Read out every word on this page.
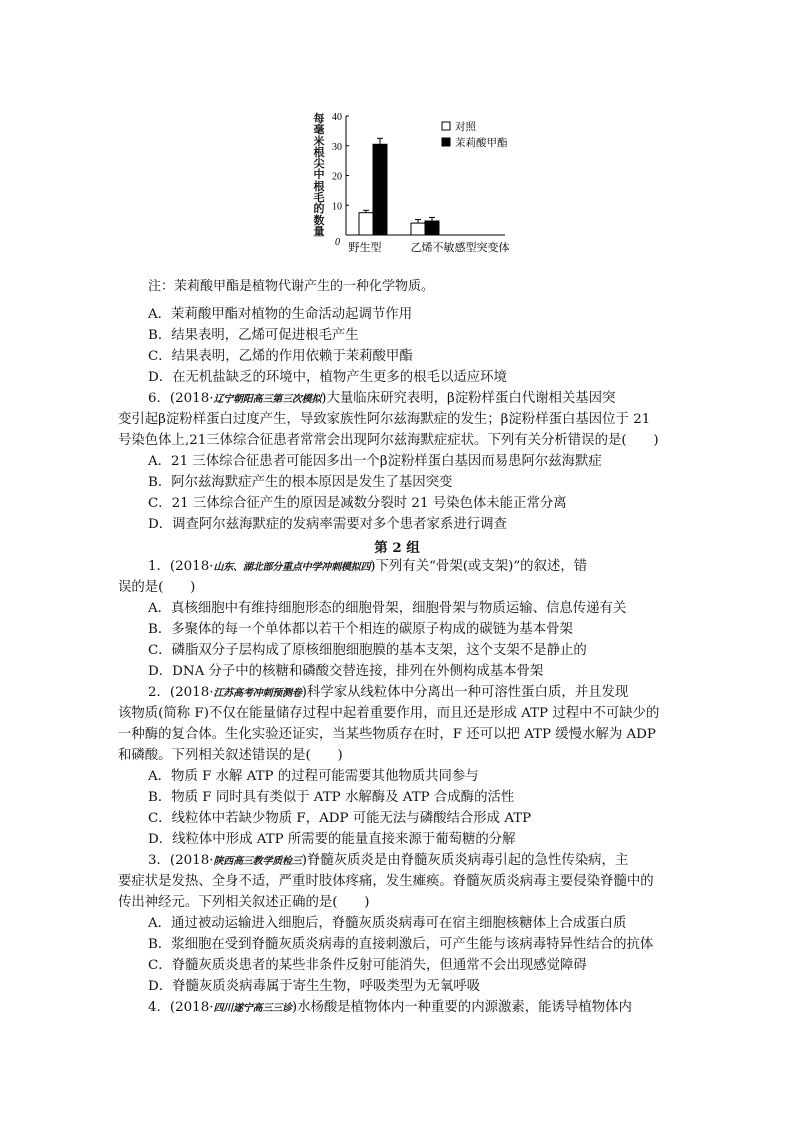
10
20
30
40
0 野生型	乙烯不敏感型突变体
对照
茉莉酸甲酯
每毫米根尖中根毛的数量
注：茉莉酸甲酯是植物代谢产生的一种化学物质。
A．茉莉酸甲酯对植物的生命活动起调节作用
B．结果表明，乙烯可促进根毛产生
C．结果表明，乙烯的作用依赖于茉莉酸甲酯
D．在无机盐缺乏的环境中，植物产生更多的根毛以适应环境
6．(2018·辽宁朝阳高三第三次模拟)大量临床研究表明，β淀粉样蛋白代谢相关基因突
变引起β淀粉样蛋白过度产生，导致家族性阿尔兹海默症的发生；β淀粉样蛋白基因位于 21
号染色体上,21三体综合征患者常常会出现阿尔兹海默症症状。下列有关分析错误的是(　　)
A．21 三体综合征患者可能因多出一个β淀粉样蛋白基因而易患阿尔兹海默症
B．阿尔兹海默症产生的根本原因是发生了基因突变
C．21 三体综合征产生的原因是减数分裂时 21 号染色体未能正常分离
D．调查阿尔兹海默症的发病率需要对多个患者家系进行调查
第 2 组
1．(2018·山东、湖北部分重点中学冲刺模拟四)下列有关“骨架(或支架)”的叙述，错
误的是(　　)
A．真核细胞中有维持细胞形态的细胞骨架，细胞骨架与物质运输、信息传递有关
B．多聚体的每一个单体都以若干个相连的碳原子构成的碳链为基本骨架
C．磷脂双分子层构成了原核细胞细胞膜的基本支架，这个支架不是静止的
D．DNA 分子中的核糖和磷酸交替连接，排列在外侧构成基本骨架
2．(2018·江苏高考冲刺预测卷)科学家从线粒体中分离出一种可溶性蛋白质，并且发现
该物质(简称 F)不仅在能量储存过程中起着重要作用，而且还是形成 ATP 过程中不可缺少的
一种酶的复合体。生化实验还证实，当某些物质存在时，F 还可以把 ATP 缓慢水解为 ADP
和磷酸。下列相关叙述错误的是(　　)
A．物质 F 水解 ATP 的过程可能需要其他物质共同参与
B．物质 F 同时具有类似于 ATP 水解酶及 ATP 合成酶的活性
C．线粒体中若缺少物质 F，ADP 可能无法与磷酸结合形成 ATP
D．线粒体中形成 ATP 所需要的能量直接来源于葡萄糖的分解
3．(2018·陕西高三教学质检三)脊髓灰质炎是由脊髓灰质炎病毒引起的急性传染病，主
要症状是发热、全身不适，严重时肢体疼痛，发生瘫痪。脊髓灰质炎病毒主要侵染脊髓中的
传出神经元。下列相关叙述正确的是(　　)
A．通过被动运输进入细胞后，脊髓灰质炎病毒可在宿主细胞核糖体上合成蛋白质
B．浆细胞在受到脊髓灰质炎病毒的直接刺激后，可产生能与该病毒特异性结合的抗体
C．脊髓灰质炎患者的某些非条件反射可能消失，但通常不会出现感觉障碍
D．脊髓灰质炎病毒属于寄生生物，呼吸类型为无氧呼吸
4．(2018·四川遂宁高三三诊)水杨酸是植物体内一种重要的内源激素，能诱导植物体内
